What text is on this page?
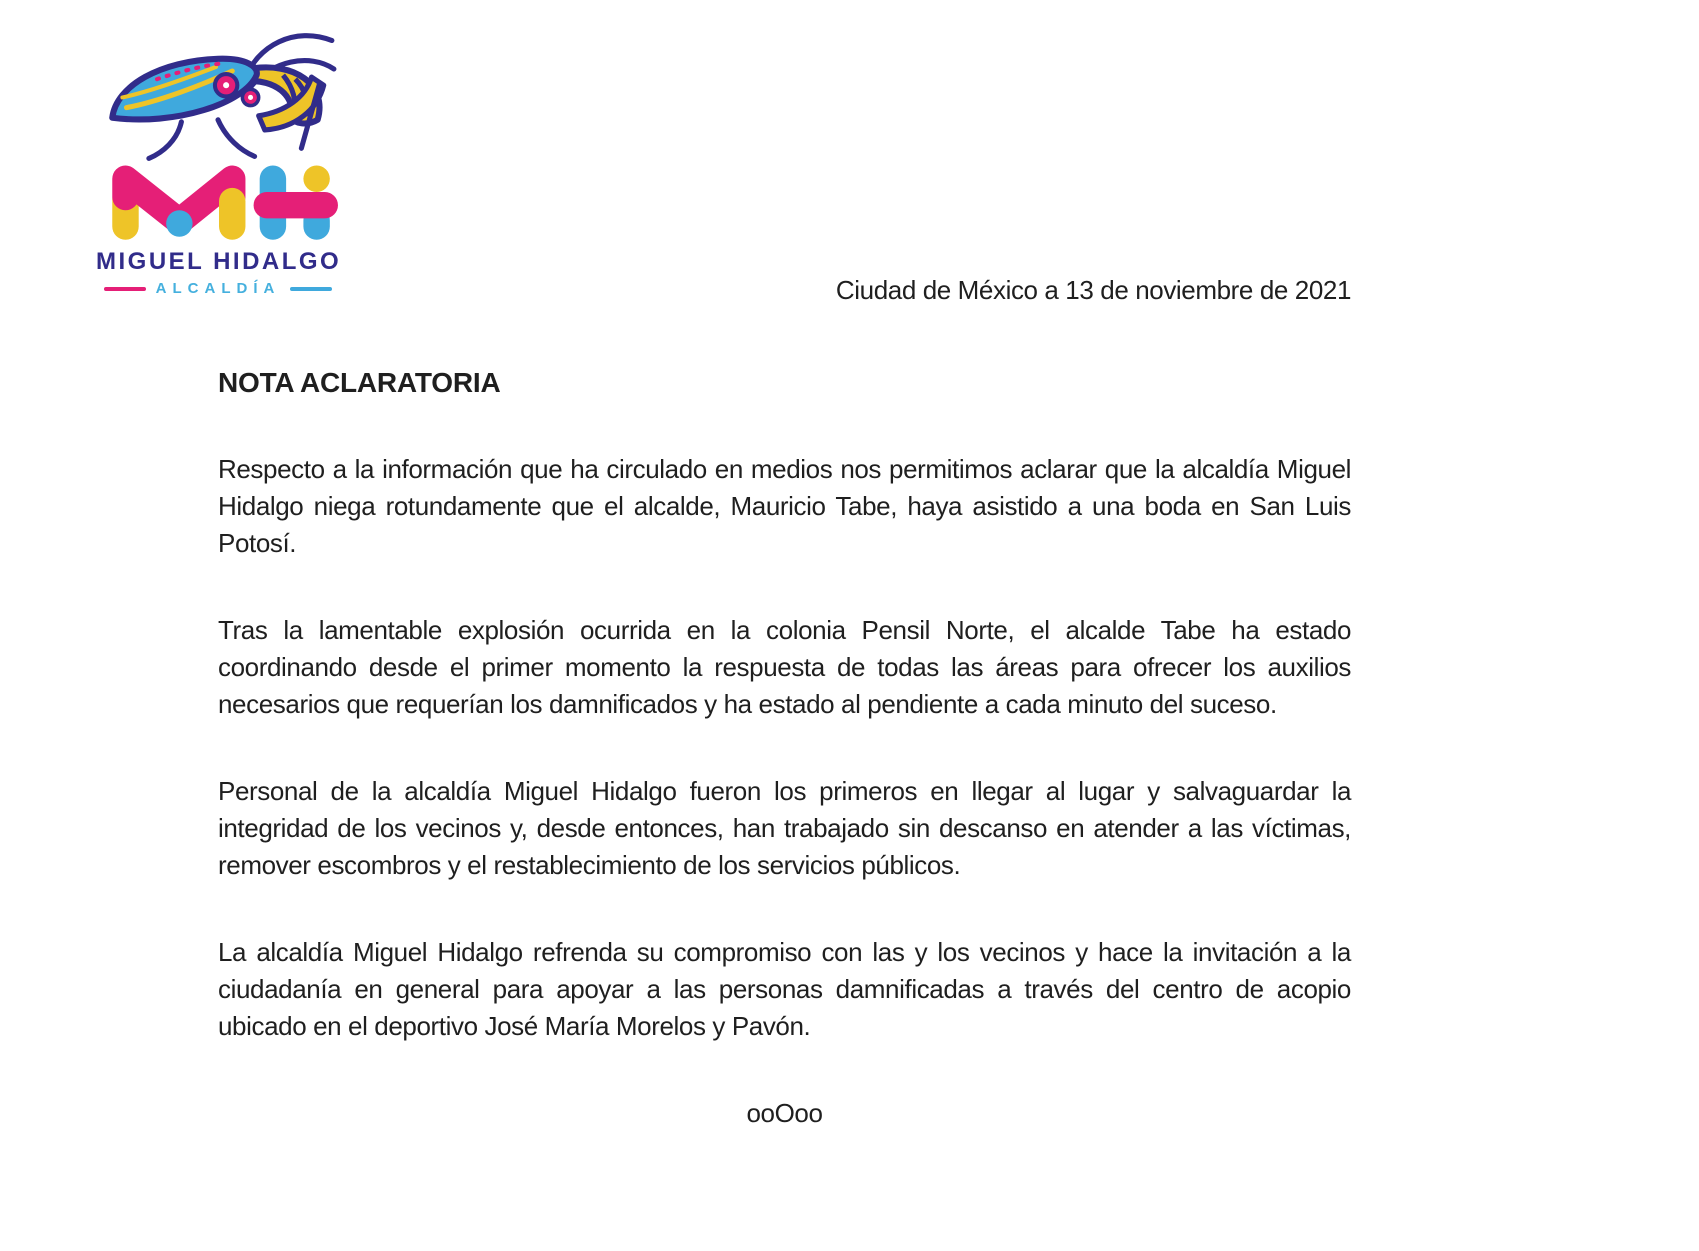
MIGUEL HIDALGO
ALCALDÍA	Ciudad de México a 13 de noviembre de 2021

NOTA ACLARATORIA

Respecto a la información que ha circulado en medios nos permitimos aclarar que la alcaldía Miguel Hidalgo niega rotundamente que el alcalde, Mauricio Tabe, haya asistido a una boda en San Luis Potosí.

Tras la lamentable explosión ocurrida en la colonia Pensil Norte, el alcalde Tabe ha estado coordinando desde el primer momento la respuesta de todas las áreas para ofrecer los auxilios necesarios que requerían los damnificados y ha estado al pendiente a cada minuto del suceso.

Personal de la alcaldía Miguel Hidalgo fueron los primeros en llegar al lugar y salvaguardar la integridad de los vecinos y, desde entonces, han trabajado sin descanso en atender a las víctimas, remover escombros y el restablecimiento de los servicios públicos.

La alcaldía Miguel Hidalgo refrenda su compromiso con las y los vecinos y hace la invitación a la ciudadanía en general para apoyar a las personas damnificadas a través del centro de acopio ubicado en el deportivo José María Morelos y Pavón.

ooOoo
